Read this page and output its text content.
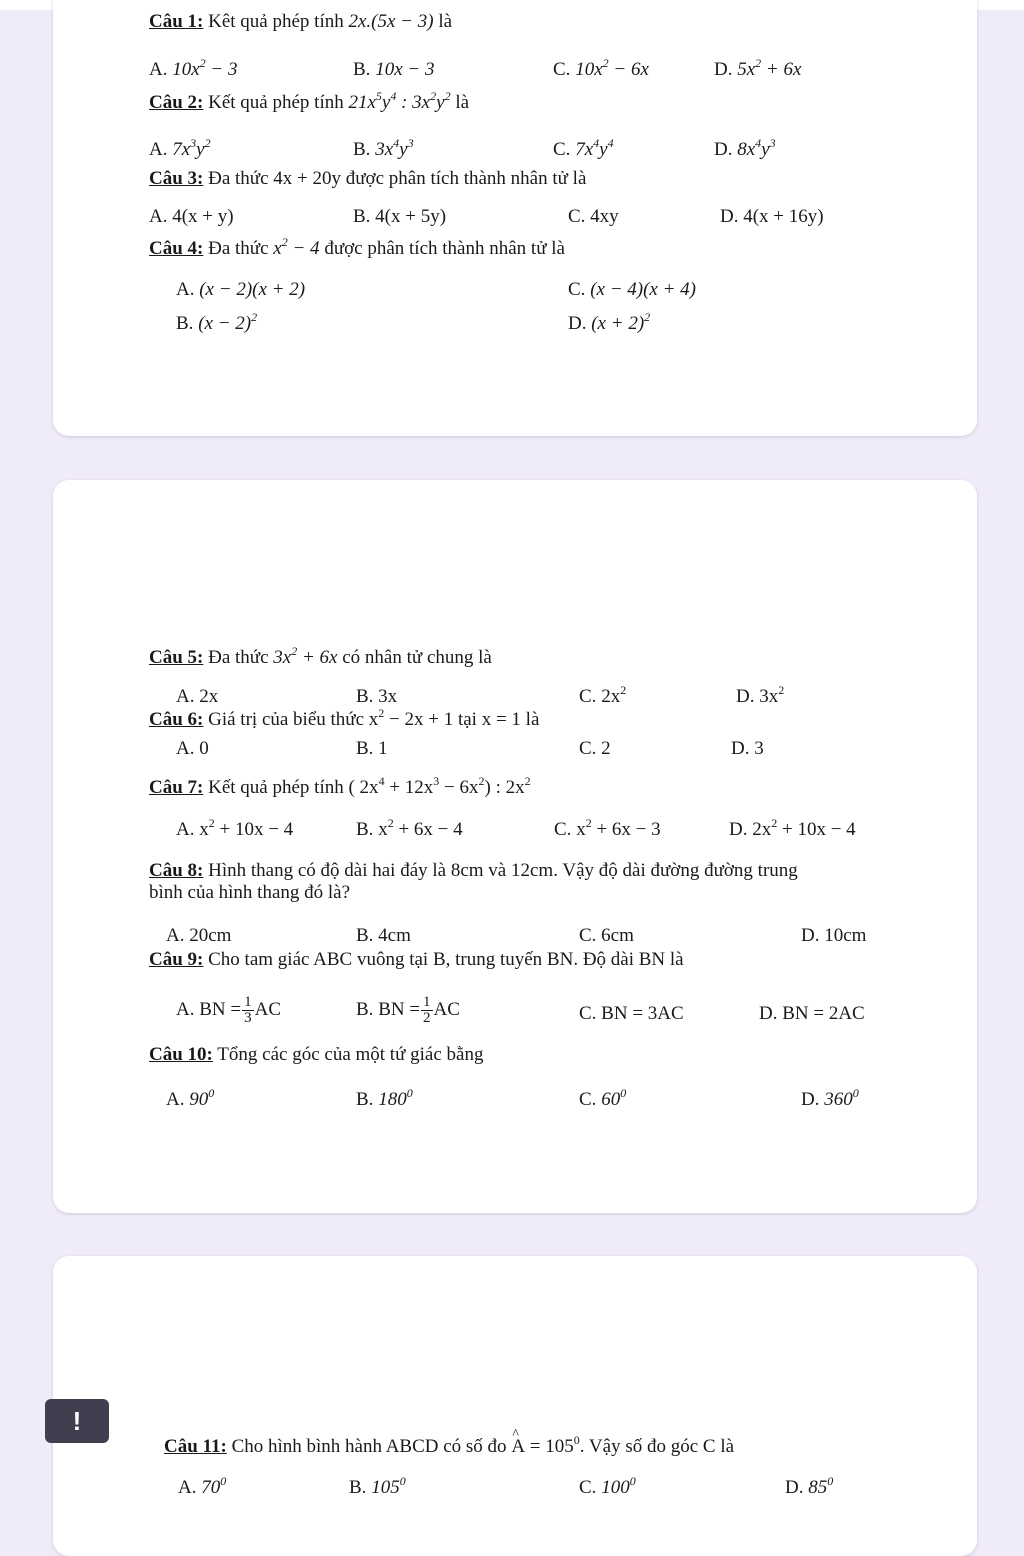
Câu 1: Kêt quả phép tính 2x.(5x − 3) là
A. $10x^2 - 3$	B. 10x − 3	C. $10x^2 - 6x$	D. $5x^2 + 6x$
Câu 2: Kết quả phép tính $21x^5y^4$ : $3x^2y^2$ là
A. $7x^3y^2$	B. $3x^4y^3$	C. $7x^4y^4$	D. $8x^4y^3$
Câu 3: Đa thức 4x + 20y được phân tích thành nhân tử là
A. 4(x + y)	B. 4(x + 5y)	C. 4xy	D. 4(x + 16y)
Câu 4: Đa thức $x^2 - 4$ được phân tích thành nhân tử là
A. (x − 2)(x + 2)	C. (x − 4)(x + 4)
B. $(x - 2)^2$	D. $(x + 2)^2$
Câu 5: Đa thức $3x^2 + 6x$ có nhân tử chung là
A. 2x	B. 3x	C. $2x^2$	D. $3x^2$
Câu 6: Giá trị của biểu thức $x^2 - 2x + 1$ tại x = 1 là
A. 0	B. 1	C. 2	D. 3
Câu 7: Kết quả phép tính ( $2x^4 + 12x^3 - 6x^2$) : $2x^2$
A. $x^2 + 10x - 4$	B. $x^2 + 6x - 4$	C. $x^2 + 6x - 3$	D. $2x^2 + 10x - 4$
Câu 8: Hình thang có độ dài hai đáy là 8cm và 12cm. Vậy độ dài đường đường trung
bình của hình thang đó là?
A. 20cm	B. 4cm	C. 6cm	D. 10cm
Câu 9: Cho tam giác ABC vuông tại B, trung tuyến BN. Độ dài BN là
A. BN = $\frac{1}{3}$ AC	B. BN = $\frac{1}{2}$ AC	C. BN = 3AC	D. BN = 2AC
Câu 10: Tổng các góc của một tứ giác bằng
A. $90^0$	B. $180^0$	C. $60^0$	D. $360^0$
!
Câu 11: Cho hình bình hành ABCD có số đo ^ $A = 105^0$. Vậy số đo góc C là
A. $70^0$	B. $105^0$	C. $100^0$	D. $85^0$
